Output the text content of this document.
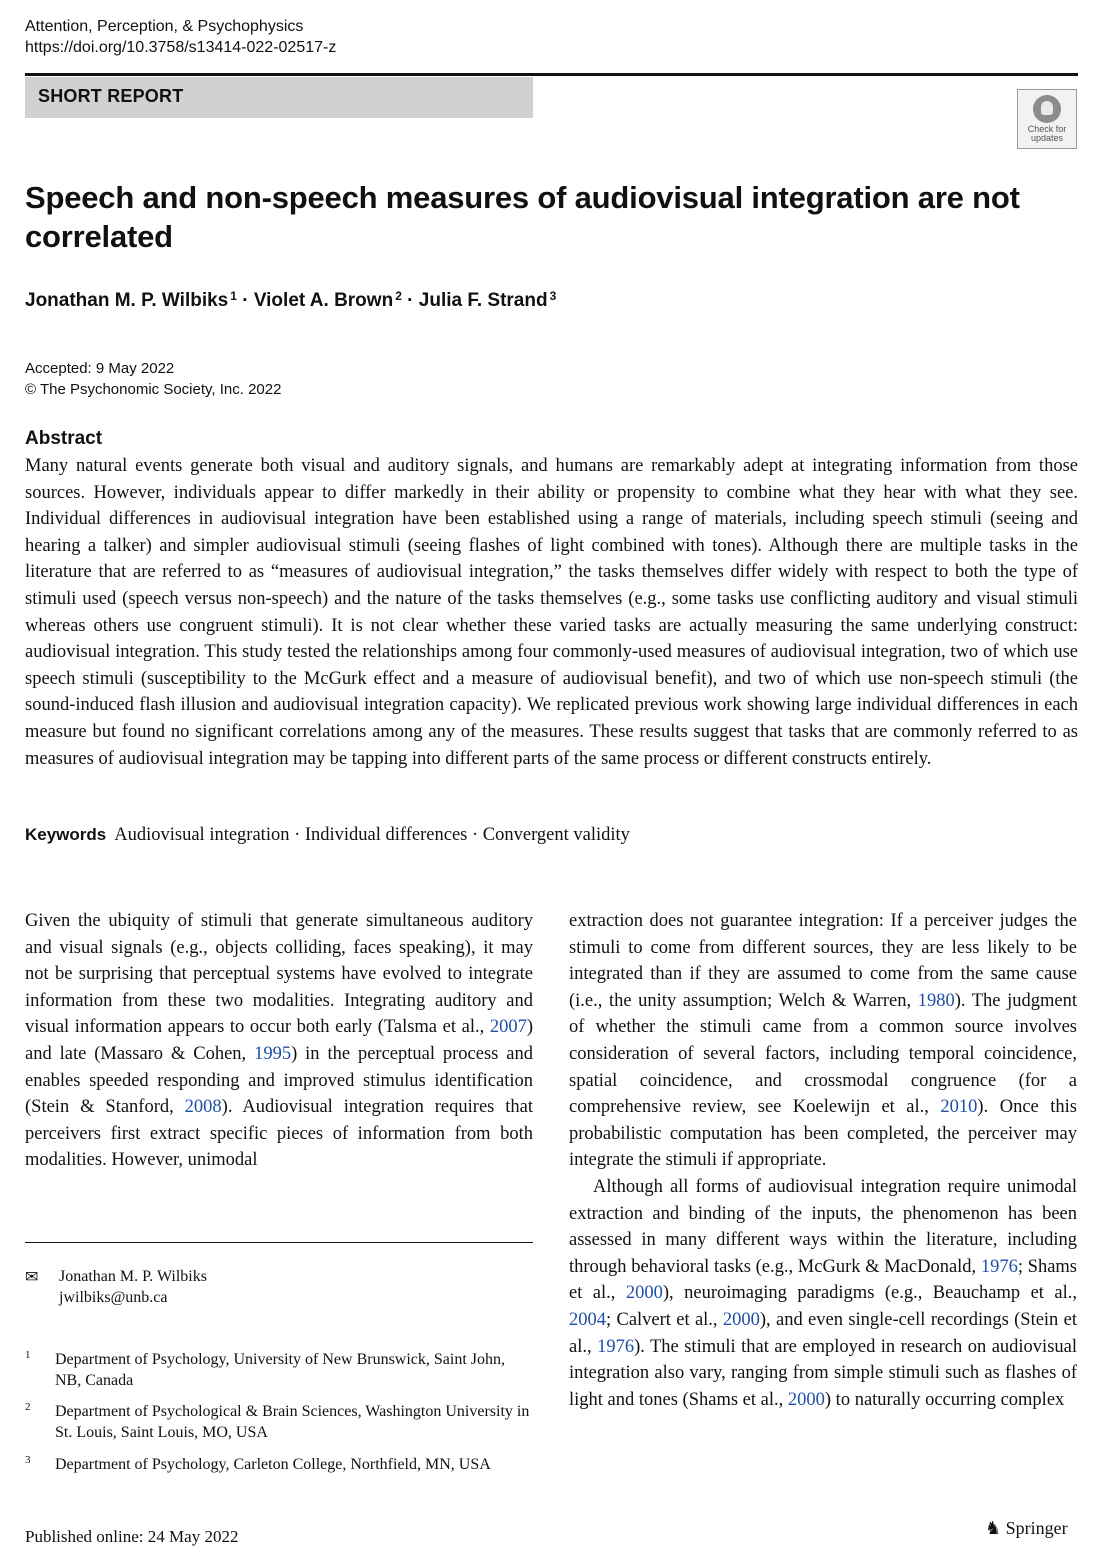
Attention, Perception, & Psychophysics
https://doi.org/10.3758/s13414-022-02517-z
SHORT REPORT
Check for updates
Speech and non-speech measures of audiovisual integration are not correlated
Jonathan M. P. Wilbiks $^1$ · Violet A. Brown $^2$ · Julia F. Strand $^3$
Accepted: 9 May 2022
© The Psychonomic Society, Inc. 2022
Abstract
Many natural events generate both visual and auditory signals, and humans are remarkably adept at integrating information from those sources. However, individuals appear to differ markedly in their ability or propensity to combine what they hear with what they see. Individual differences in audiovisual integration have been established using a range of materials, including speech stimuli (seeing and hearing a talker) and simpler audiovisual stimuli (seeing flashes of light combined with tones). Although there are multiple tasks in the literature that are referred to as “measures of audiovisual integration,” the tasks themselves differ widely with respect to both the type of stimuli used (speech versus non-speech) and the nature of the tasks themselves (e.g., some tasks use conflicting auditory and visual stimuli whereas others use congruent stimuli). It is not clear whether these varied tasks are actually measuring the same underlying construct: audiovisual integration. This study tested the relationships among four commonly-used measures of audiovisual integration, two of which use speech stimuli (susceptibility to the McGurk effect and a measure of audiovisual benefit), and two of which use non-speech stimuli (the sound-induced flash illusion and audiovisual integration capacity). We replicated previous work showing large individual differences in each measure but found no significant correlations among any of the measures. These results suggest that tasks that are commonly referred to as measures of audiovisual integration may be tapping into different parts of the same process or different constructs entirely.
Keywords Audiovisual integration · Individual differences · Convergent validity

Given the ubiquity of stimuli that generate simultaneous auditory and visual signals (e.g., objects colliding, faces speaking), it may not be surprising that perceptual systems have evolved to integrate information from these two modalities. Integrating auditory and visual information appears to occur both early (Talsma et al., 2007) and late (Massaro & Cohen, 1995) in the perceptual process and enables speeded responding and improved stimulus identification (Stein & Stanford, 2008). Audiovisual integration requires that perceivers first extract specific pieces of information from both modalities. However, unimodal

extraction does not guarantee integration: If a perceiver judges the stimuli to come from different sources, they are less likely to be integrated than if they are assumed to come from the same cause (i.e., the unity assumption; Welch & Warren, 1980). The judgment of whether the stimuli came from a common source involves consideration of several factors, including temporal coincidence, spatial coincidence, and crossmodal congruence (for a comprehensive review, see Koelewijn et al., 2010). Once this probabilistic computation has been completed, the perceiver may integrate the stimuli if appropriate.

Although all forms of audiovisual integration require unimodal extraction and binding of the inputs, the phenomenon has been assessed in many different ways within the literature, including through behavioral tasks (e.g., McGurk & MacDonald, 1976; Shams et al., 2000), neuroimaging paradigms (e.g., Beauchamp et al., 2004; Calvert et al., 2000), and even single-cell recordings (Stein et al., 1976). The stimuli that are employed in research on audiovisual integration also vary, ranging from simple stimuli such as flashes of light and tones (Shams et al., 2000) to naturally occurring complex

✉ Jonathan M. P. Wilbiks
jwilbiks@unb.ca
1 Department of Psychology, University of New Brunswick, Saint John, NB, Canada
2 Department of Psychological & Brain Sciences, Washington University in St. Louis, Saint Louis, MO, USA
3 Department of Psychology, Carleton College, Northfield, MN, USA
Published online: 24 May 2022	♞ Springer
